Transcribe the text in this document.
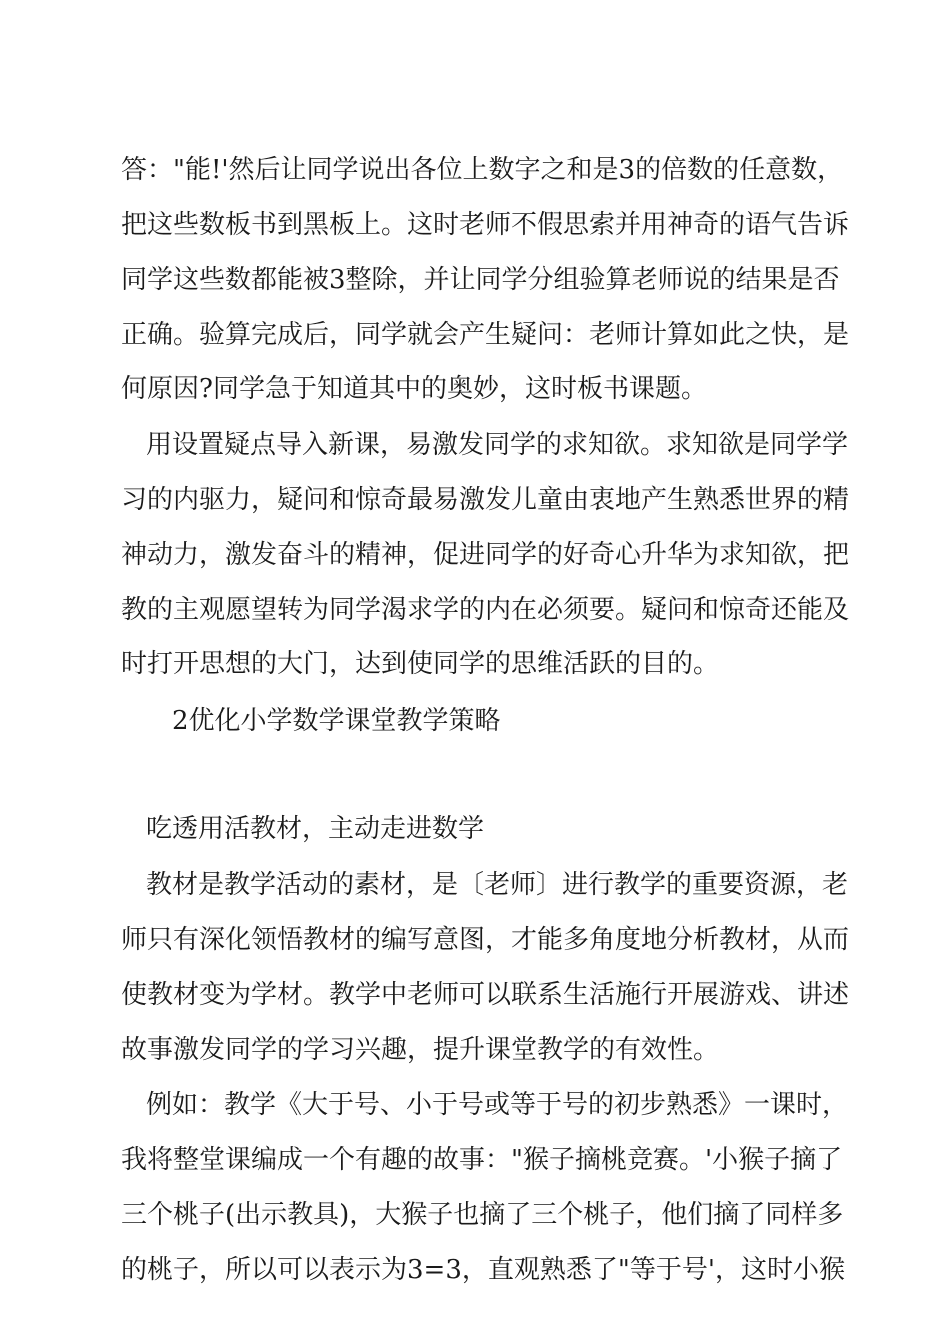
答："能!'然后让同学说出各位上数字之和是3的倍数的任意数，
把这些数板书到黑板上。这时老师不假思索并用神奇的语气告诉
同学这些数都能被3整除，并让同学分组验算老师说的结果是否
正确。验算完成后，同学就会产生疑问：老师计算如此之快，是
何原因?同学急于知道其中的奥妙，这时板书课题。
用设置疑点导入新课，易激发同学的求知欲。求知欲是同学学
习的内驱力，疑问和惊奇最易激发儿童由衷地产生熟悉世界的精
神动力，激发奋斗的精神，促进同学的好奇心升华为求知欲，把
教的主观愿望转为同学渴求学的内在必须要。疑问和惊奇还能及
时打开思想的大门，达到使同学的思维活跃的目的。
2优化小学数学课堂教学策略
吃透用活教材，主动走进数学
教材是教学活动的素材，是〔老师〕进行教学的重要资源，老
师只有深化领悟教材的编写意图，才能多角度地分析教材，从而
使教材变为学材。教学中老师可以联系生活施行开展游戏、讲述
故事激发同学的学习兴趣，提升课堂教学的有效性。
例如：教学《大于号、小于号或等于号的初步熟悉》一课时，
我将整堂课编成一个有趣的故事："猴子摘桃竞赛。'小猴子摘了
三个桃子(出示教具)，大猴子也摘了三个桃子，他们摘了同样多
的桃子，所以可以表示为3=3，直观熟悉了"等于号'，这时小猴
